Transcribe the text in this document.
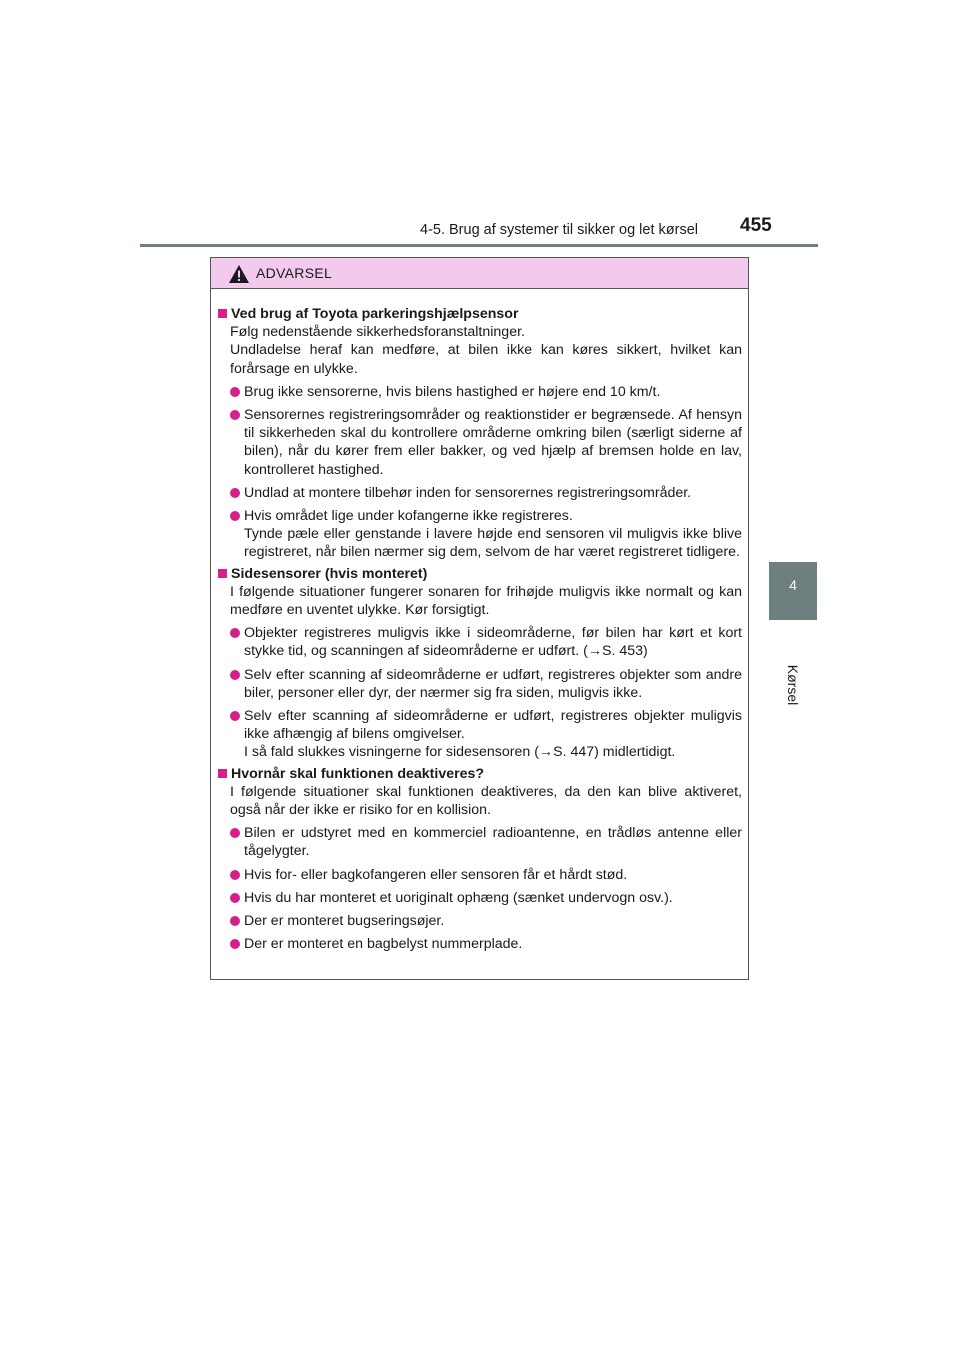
4-5. Brug af systemer til sikker og let kørsel 455
4
Kørsel
ADVARSEL
Ved brug af Toyota parkeringshjælpsensor
Følg nedenstående sikkerhedsforanstaltninger.
Undladelse heraf kan medføre, at bilen ikke kan køres sikkert, hvilket kan forårsage en ulykke.
Brug ikke sensorerne, hvis bilens hastighed er højere end 10 km/t.
Sensorernes registreringsområder og reaktionstider er begrænsede. Af hensyn til sikkerheden skal du kontrollere områderne omkring bilen (særligt siderne af bilen), når du kører frem eller bakker, og ved hjælp af bremsen holde en lav, kontrolleret hastighed.
Undlad at montere tilbehør inden for sensorernes registreringsområder.
Hvis området lige under kofangerne ikke registreres.
Tynde pæle eller genstande i lavere højde end sensoren vil muligvis ikke blive registreret, når bilen nærmer sig dem, selvom de har været registreret tidligere.
Sidesensorer (hvis monteret)
I følgende situationer fungerer sonaren for frihøjde muligvis ikke normalt og kan medføre en uventet ulykke. Kør forsigtigt.
Objekter registreres muligvis ikke i sideområderne, før bilen har kørt et kort stykke tid, og scanningen af sideområderne er udført. (→S. 453)
Selv efter scanning af sideområderne er udført, registreres objekter som andre biler, personer eller dyr, der nærmer sig fra siden, muligvis ikke.
Selv efter scanning af sideområderne er udført, registreres objekter muligvis ikke afhængig af bilens omgivelser.
I så fald slukkes visningerne for sidesensoren (→S. 447) midlertidigt.
Hvornår skal funktionen deaktiveres?
I følgende situationer skal funktionen deaktiveres, da den kan blive aktiveret, også når der ikke er risiko for en kollision.
Bilen er udstyret med en kommerciel radioantenne, en trådløs antenne eller tågelygter.
Hvis for- eller bagkofangeren eller sensoren får et hårdt stød.
Hvis du har monteret et uoriginalt ophæng (sænket undervogn osv.).
Der er monteret bugseringsøjer.
Der er monteret en bagbelyst nummerplade.
